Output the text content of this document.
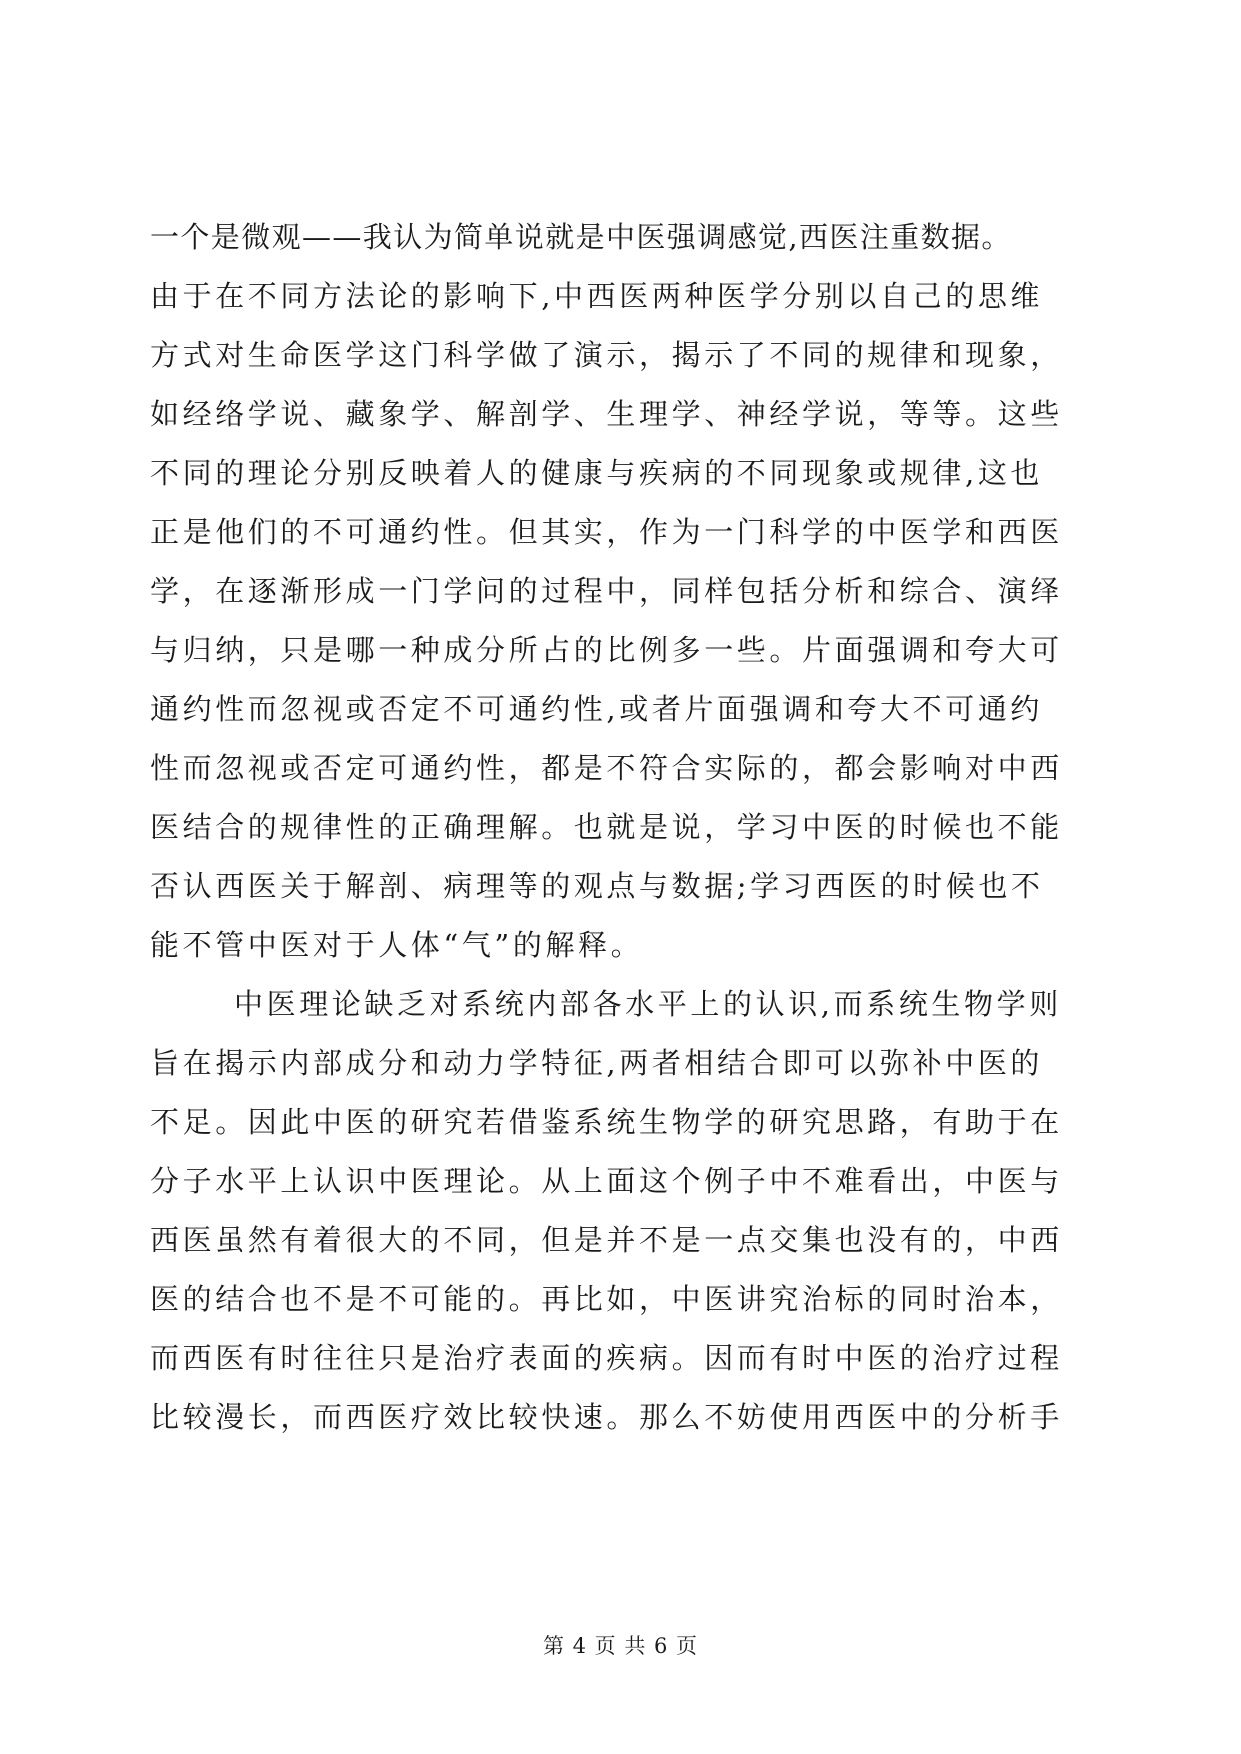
一个是微观——我认为简单说就是中医强调感觉,西医注重数据。
由于在不同方法论的影响下,中西医两种医学分别以自己的思维
方式对生命医学这门科学做了演示，揭示了不同的规律和现象，
如经络学说、藏象学、解剖学、生理学、神经学说，等等。这些
不同的理论分别反映着人的健康与疾病的不同现象或规律,这也
正是他们的不可通约性。但其实，作为一门科学的中医学和西医
学，在逐渐形成一门学问的过程中，同样包括分析和综合、演绎
与归纳，只是哪一种成分所占的比例多一些。片面强调和夸大可
通约性而忽视或否定不可通约性,或者片面强调和夸大不可通约
性而忽视或否定可通约性，都是不符合实际的，都会影响对中西
医结合的规律性的正确理解。也就是说，学习中医的时候也不能
否认西医关于解剖、病理等的观点与数据;学习西医的时候也不
能不管中医对于人体“气”的解释。
中医理论缺乏对系统内部各水平上的认识,而系统生物学则
旨在揭示内部成分和动力学特征,两者相结合即可以弥补中医的
不足。因此中医的研究若借鉴系统生物学的研究思路，有助于在
分子水平上认识中医理论。从上面这个例子中不难看出，中医与
西医虽然有着很大的不同，但是并不是一点交集也没有的，中西
医的结合也不是不可能的。再比如，中医讲究治标的同时治本，
而西医有时往往只是治疗表面的疾病。因而有时中医的治疗过程
比较漫长，而西医疗效比较快速。那么不妨使用西医中的分析手
第 4 页 共 6 页
